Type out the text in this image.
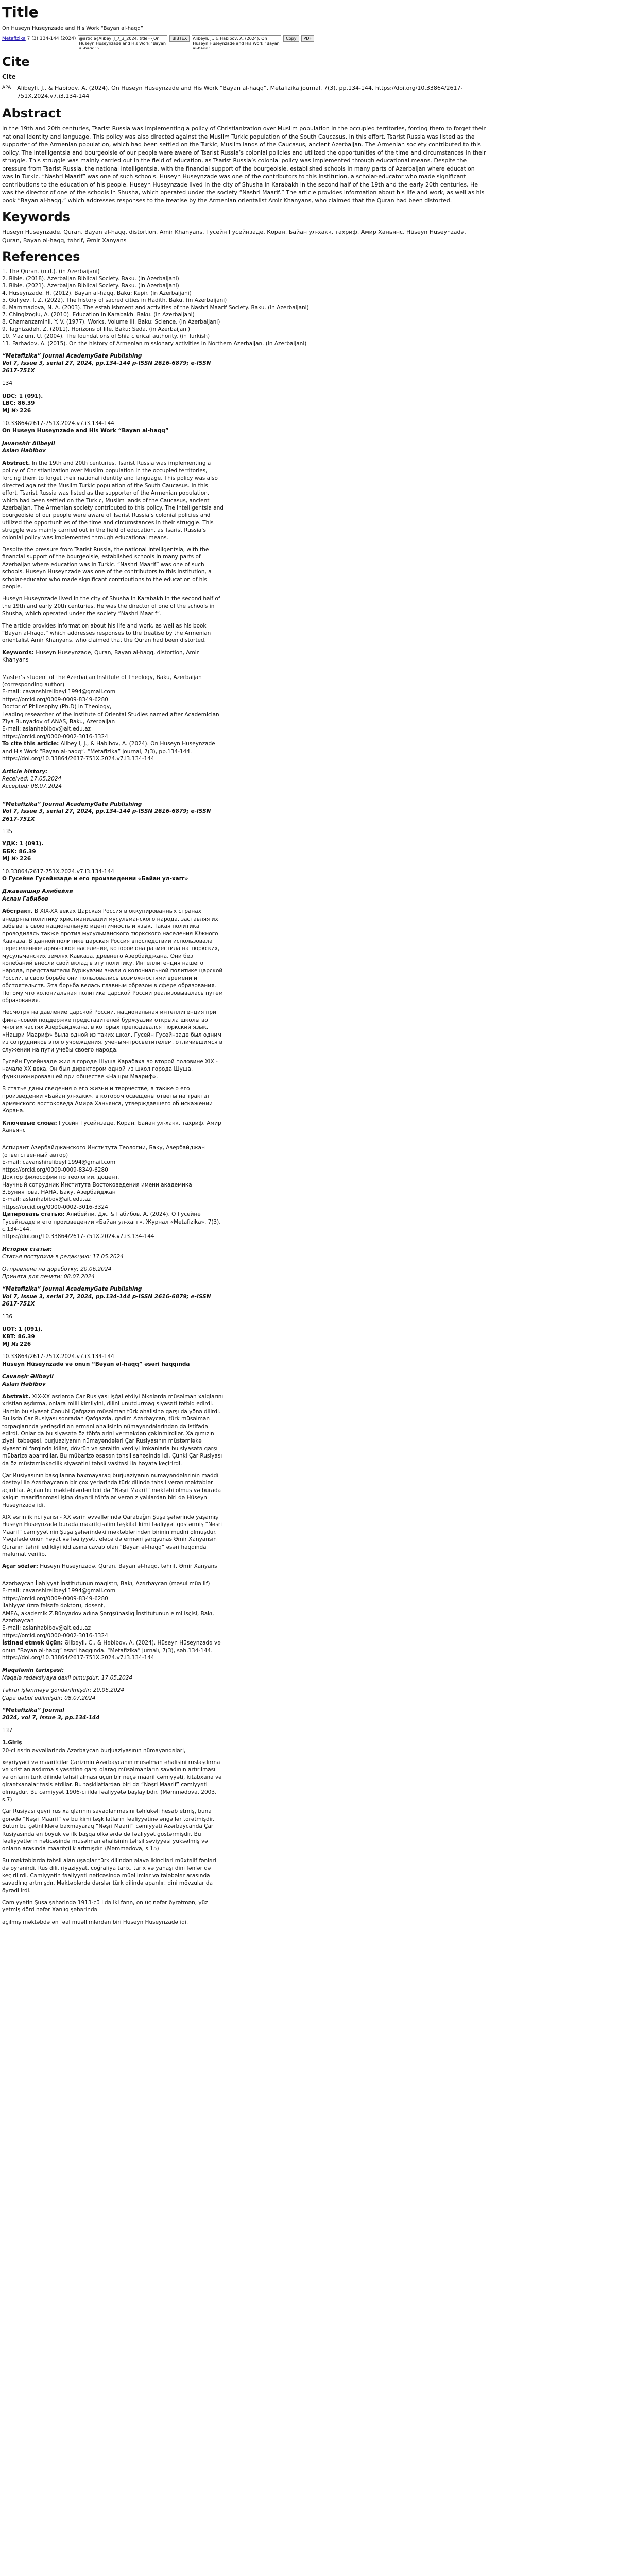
Title
On Huseyn Huseynzade and His Work “Bayan al-haqq”
Metafizika 7 (3):134-144 (2024)
@article{AlibeyliJ_7_3_2024, title={On Huseyn Huseynzade and His Work “Bayan al-haqq”}	BIBTEX
Alibeyli, J., & Habibov, A. (2024). On Huseyn Huseynzade and His Work “Bayan al-haqq”	Copy	PDF
Cite
Cite
APA Alibeyli, J., & Habibov, A. (2024). On Huseyn Huseynzade and His Work “Bayan al-haqq”. Metafizika journal, 7(3), pp.134-144. https://doi.org/10.33864/2617-751X.2024.v7.i3.134-144
Abstract

In the 19th and 20th centuries, Tsarist Russia was implementing a policy of Christianization over Muslim population in the occupied territories, forcing them to forget their national identity and language. This policy was also directed against the Muslim Turkic population of the South Caucasus. In this effort, Tsarist Russia was listed as the supporter of the Armenian population, which had been settled on the Turkic, Muslim lands of the Caucasus, ancient Azerbaijan. The Armenian society contributed to this policy. The intelligentsia and bourgeoisie of our people were aware of Tsarist Russia’s colonial policies and utilized the opportunities of the time and circumstances in their struggle. This struggle was mainly carried out in the field of education, as Tsarist Russia’s colonial policy was implemented through educational means. Despite the pressure from Tsarist Russia, the national intelligentsia, with the financial support of the bourgeoisie, established schools in many parts of Azerbaijan where education was in Turkic. “Nashri Maarif” was one of such schools. Huseyn Huseynzade was one of the contributors to this institution, a scholar-educator who made significant contributions to the education of his people. Huseyn Huseynzade lived in the city of Shusha in Karabakh in the second half of the 19th and the early 20th centuries. He was the director of one of the schools in Shusha, which operated under the society “Nashri Maarif.” The article provides information about his life and work, as well as his book “Bayan al-haqq,” which addresses responses to the treatise by the Armenian orientalist Amir Khanyans, who claimed that the Quran had been distorted.

Keywords

Huseyn Huseynzade, Quran, Bayan al-haqq, distortion, Amir Khanyans, Гусейн Гусейнзаде, Коран, Байан ул-хакк, тахриф, Амир Ханьянс, Hüseyn Hüseynzadə, Quran, Bəyan əl-haqq, təhrif, Əmir Xanyans

References
1. The Quran. (n.d.). (in Azerbaijani)
2. Bible. (2018). Azerbaijan Biblical Society. Baku. (in Azerbaijani)
3. Bible. (2021). Azerbaijan Biblical Society. Baku. (in Azerbaijani)
4. Huseynzade, H. (2012). Bayan al-haqq. Baku: Kepir. (in Azerbaijani)
5. Guliyev, I. Z. (2022). The history of sacred cities in Hadith. Baku. (in Azerbaijani)
6. Mammadova, N. A. (2003). The establishment and activities of the Nashri Maarif Society. Baku. (in Azerbaijani)
7. Chingizoglu, A. (2010). Education in Karabakh. Baku. (in Azerbaijani)
8. Chamanzaminli, Y. V. (1977). Works, Volume III. Baku: Science. (in Azerbaijani)
9. Taghizadeh, Z. (2011). Horizons of life. Baku: Seda. (in Azerbaijani)
10. Mazlum, U. (2004). The foundations of Shia clerical authority. (in Turkish)
11. Farhadov, A. (2015). On the history of Armenian missionary activities in Northern Azerbaijan. (in Azerbaijani)
“Metafizika” Journal AcademyGate Publishing
Vol 7, Issue 3, serial 27, 2024, pp.134-144 p-ISSN 2616-6879; e-ISSN 2617-751X
134
UDC: 1 (091).
LBC: 86.39
MJ № 226
10.33864/2617-751X.2024.v7.i3.134-144
On Huseyn Huseynzade and His Work “Bayan al-haqq”
Javanshir Alibeyli
Aslan Habibov

Abstract. In the 19th and 20th centuries, Tsarist Russia was implementing a policy of Christianization over Muslim population in the occupied territories, forcing them to forget their national identity and language. This policy was also directed against the Muslim Turkic population of the South Caucasus. In this effort, Tsarist Russia was listed as the supporter of the Armenian population, which had been settled on the Turkic, Muslim lands of the Caucasus, ancient Azerbaijan. The Armenian society contributed to this policy. The intelligentsia and bourgeoisie of our people were aware of Tsarist Russia’s colonial policies and utilized the opportunities of the time and circumstances in their struggle. This struggle was mainly carried out in the field of education, as Tsarist Russia’s colonial policy was implemented through educational means.

Despite the pressure from Tsarist Russia, the national intelligentsia, with the financial support of the bourgeoisie, established schools in many parts of Azerbaijan where education was in Turkic. “Nashri Maarif” was one of such schools. Huseyn Huseynzade was one of the contributors to this institution, a scholar-educator who made significant contributions to the education of his people.

Huseyn Huseynzade lived in the city of Shusha in Karabakh in the second half of the 19th and early 20th centuries. He was the director of one of the schools in Shusha, which operated under the society “Nashri Maarif”.

The article provides information about his life and work, as well as his book “Bayan al-haqq,” which addresses responses to the treatise by the Armenian orientalist Amir Khanyans, who claimed that the Quran had been distorted.

Keywords: Huseyn Huseynzade, Quran, Bayan al-haqq, distortion, Amir Khanyans

Master’s student of the Azerbaijan Institute of Theology, Baku, Azerbaijan (corresponding author)
E-mail: cavanshirelibeyli1994@gmail.com
https://orcid.org/0009-0009-8349-6280
Doctor of Philosophy (Ph.D) in Theology,
Leading researcher of the Institute of Oriental Studies named after Academician Ziya Bunyadov of ANAS, Baku, Azerbaijan
E-mail: aslanhabibov@ait.edu.az
https://orcid.org/0000-0002-3016-3324
To cite this article: Alibeyli, J., & Habibov, A. (2024). On Huseyn Huseynzade and His Work “Bayan al-haqq”. “Metafizika” journal, 7(3), pp.134-144.
https://doi.org/10.33864/2617-751X.2024.v7.i3.134-144
Article history:
Received: 17.05.2024
Accepted: 08.07.2024
“Metafizika” Journal AcademyGate Publishing
Vol 7, Issue 3, serial 27, 2024, pp.134-144 p-ISSN 2616-6879; e-ISSN 2617-751X
135
УДК: 1 (091).
ББК: 86.39
MJ № 226
10.33864/2617-751X.2024.v7.i3.134-144
О Гусейне Гусейнзаде и его произведении «Байан ул-хагг»
Джаваншир Алибейли
Аслан Габибов

Абстракт. В XIX-XX веках Царская Россия в оккупированных странах внедряла политику христианизации мусульманского народа, заставляя их забывать свою национальную идентичность и язык. Такая политика проводилась также против мусульманского тюркского населения Южного Кавказа. В данной политике царская Россия впоследствии использовала переселённое армянское население, которое она разместила на тюркских, мусульманских землях Кавказа, древнего Азербайджана. Они без колебаний внесли свой вклад в эту политику. Интеллигенция нашего народа, представители буржуазии знали о колониальной политике царской России, в свою борьбе они пользовались возможностями времени и обстоятельств. Эта борьба велась главным образом в сфере образования. Потому что колониальная политика царской России реализовывалась путем образования.

Несмотря на давление царской России, национальная интеллигенция при финансовой поддержке представителей буржуазии открыла школы во многих частях Азербайджана, в которых преподавался тюркский язык. «Нашри Маариф» была одной из таких школ. Гусейн Гусейнзаде был одним из сотрудников этого учреждения, ученым-просветителем, отличившимся в служении на пути учебы своего народа.

Гусейн Гусейнзаде жил в городе Шуша Карабаха во второй половине XIX - начале XX века. Он был директором одной из школ города Шуша, функционировавшей при обществе «Нашри Маариф».

В статье даны сведения о его жизни и творчестве, а также о его произведении «Байан ул-хакк», в котором освещены ответы на трактат армянского востоковеда Амира Ханьянса, утверждавшего об искажении Корана.

Ключевые слова: Гусейн Гусейнзаде, Коран, Байан ул-хакк, тахриф, Амир Ханьянс

Аспирант Азербайджанского Института Теологии, Баку, Азербайджан (ответственный автор)
E-mail: cavanshirelibeyli1994@gmail.com
https://orcid.org/0009-0009-8349-6280
Доктор философии по теологии, доцент,
Научный сотрудник Института Востоковедения имени академика З.Буниятова, НАНА, Баку, Азербайджан
E-mail: aslanhabibov@ait.edu.az
https://orcid.org/0000-0002-3016-3324
Цитировать статью: Алибейли, Дж. & Габибов, А. (2024). О Гусейне Гусейнзаде и его произведении «Байан ул-хагг». Журнал «Metafizika», 7(3), с.134-144.
https://doi.org/10.33864/2617-751X.2024.v7.i3.134-144
История статьи:
Статья поступила в редакцию: 17.05.2024
Отправлена на доработку: 20.06.2024
Принята для печати: 08.07.2024
“Metafizika” Journal AcademyGate Publishing
Vol 7, Issue 3, serial 27, 2024, pp.134-144 p-ISSN 2616-6879; e-ISSN 2617-751X
136
UOT: 1 (091).
KBT: 86.39
MJ № 226
10.33864/2617-751X.2024.v7.i3.134-144
Hüseyn Hüseynzadə və onun “Bəyan əl-haqq” əsəri haqqında
Cavanşir Əlibəyli
Aslan Həbibov

Abstrakt. XIX-XX əsrlərdə Çar Rusiyası işğal etdiyi ölkələrdə müsəlman xalqlarını xristianlaşdırma, onlara milli kimliyini, dilini unutdurmaq siyasəti tətbiq edirdi. Həmin bu siyasət Cənubi Qafqazın müsəlman türk əhalisinə qarşı da yönəldilirdi. Bu işdə Çar Rusiyası sonradan Qafqazda, qədim Azərbaycan, türk müsəlman torpaqlarında yerləşdirilən erməni əhalisinin nümayəndələrindən də istifadə edirdi. Onlar da bu siyasətə öz töhfələrini verməkdən çəkinmirdilər. Xalqımızın ziyalı təbəqəsi, burjuaziyanın nümayəndələri Çar Rusiyasının müstəmləkə siyasətini fərqində idilər, dövrün və şəraitin verdiyi imkanlarla bu siyasətə qarşı mübarizə aparırdılar. Bu mübarizə əsasən təhsil sahəsində idi. Çünki Çar Rusiyası da öz müstəmləkəçilik siyasətini təhsil vasitəsi ilə həyata keçirirdi.

Çar Rusiyasının basqılarına baxmayaraq burjuaziyanın nümayəndələrinin maddi dəstəyi ilə Azərbaycanın bir çox yerlərində türk dilində təhsil verən məktəblər açırdılar. Açılan bu məktəblərdən biri də “Nəşri Maarif” məktəbi olmuş və burada xalqın maariflənməsi işinə dəyərli töhfələr verən ziyalılardan biri də Hüseyn Hüseynzadə idi.

XIX əsrin ikinci yarısı - XX əsrin əvvəllərində Qarabağın Şuşa şəhərində yaşamış Hüseyn Hüseynzadə burada maarifçi-alim təşkilat kimi fəaliyyət göstərmiş “Nəşri Maarif” cəmiyyətinin Şuşa şəhərindəki məktəblərindən birinin müdiri olmuşdur. Məqalədə onun həyat və fəaliyyəti, eləcə də erməni şərqşünas Əmir Xanyansın Quranın təhrif edildiyi iddiasına cavab olan “Bəyan əl-haqq” əsəri haqqında məlumat verilib.

Açar sözlər: Hüseyn Hüseynzadə, Quran, Bəyan əl-haqq, təhrif, Əmir Xanyans

Azərbaycan İlahiyyat İnstitutunun magistrı, Bakı, Azərbaycan (məsul müəllif)
E-mail: cavanshirelibeyli1994@gmail.com
https://orcid.org/0009-0009-8349-6280
İlahiyyat üzrə fəlsəfə doktoru, dosent,
AMEA, akademik Z.Bünyadov adına Şərqşünaslıq İnstitutunun elmi işçisi, Bakı, Azərbaycan
E-mail: aslanhabibov@ait.edu.az
https://orcid.org/0000-0002-3016-3324
İstinad etmək üçün: Əlibəyli, C., & Həbibov, A. (2024). Hüseyn Hüseynzadə və onun “Bəyan əl-haqq” əsəri haqqında. “Metafizika” jurnalı, 7(3), səh.134-144.
https://doi.org/10.33864/2617-751X.2024.v7.i3.134-144
Məqalənin tarixçəsi:
Məqalə redaksiyaya daxil olmuşdur: 17.05.2024
Təkrar işlənməyə göndərilmişdir: 20.06.2024
Çapa qəbul edilmişdir: 08.07.2024
“Metafizika” Journal
2024, vol 7, issue 3, pp.134-144
137
1.Giriş

20-ci əsrin əvvəllərində Azərbaycan burjuaziyasının nümayəndələri,

xeyriyyəçi və maarifçilər Çarizmin Azərbaycanın müsəlman əhalisini ruslaşdırma və xristianlaşdırma siyasətinə qarşı olaraq müsəlmanların savadının artırılması və onların türk dilində təhsil alması üçün bir neçə maarif cəmiyyəti, kitabxana və qiraətxanalar təsis etdilər. Bu təşkilatlardan biri də “Nəşri Maarif” cəmiyyəti olmuşdur. Bu cəmiyyət 1906-cı ildə fəaliyyətə başlayıbdır. (Məmmədova, 2003, s.7)

Çar Rusiyası qeyri rus xalqlarının savadlanmasını təhlükəli hesab etmiş, buna görədə “Nəşri Maarif” və bu kimi təşkilatların fəaliyyətinə əngəllər törətmişdir. Bütün bu çətinliklərə baxmayaraq “Nəşri Maarif” cəmiyyəti Azərbaycanda Çar Rusiyasında ən böyük və ilk başqa ölkələrdə də fəaliyyət göstərmişdir. Bu fəaliyyətlərin nəticəsində müsəlman əhalisinin təhsil səviyyəsi yüksəlmiş və onların arasında maarifçilik artmışdır. (Məmmədova, s.15)

Bu məktəblərdə təhsil alan uşaqlar türk dilindən əlavə ikinciləri müxtəlif fənləri də öyrənirdi. Rus dili, riyaziyyat, coğrafiya tarix, tarix və yanaşı dini fənlər də keçirilirdi. Cəmiyyətin fəaliyyəti nəticəsində müəllimlər və tələbələr arasında savadlılıq artmışdır. Məktəblərdə dərslər türk dilində aparılır, dini mövzular da öyrədilirdi.

Cəmiyyətin Şuşa şəhərində 1913-cü ildə iki fənn, on üç nəfər öyrətmən, yüz yetmiş dörd nəfər Xanlıq şəhərində

açılmış məktəbdə ən fəal müəllimlərdən biri Hüseyn Hüseynzadə idi.
